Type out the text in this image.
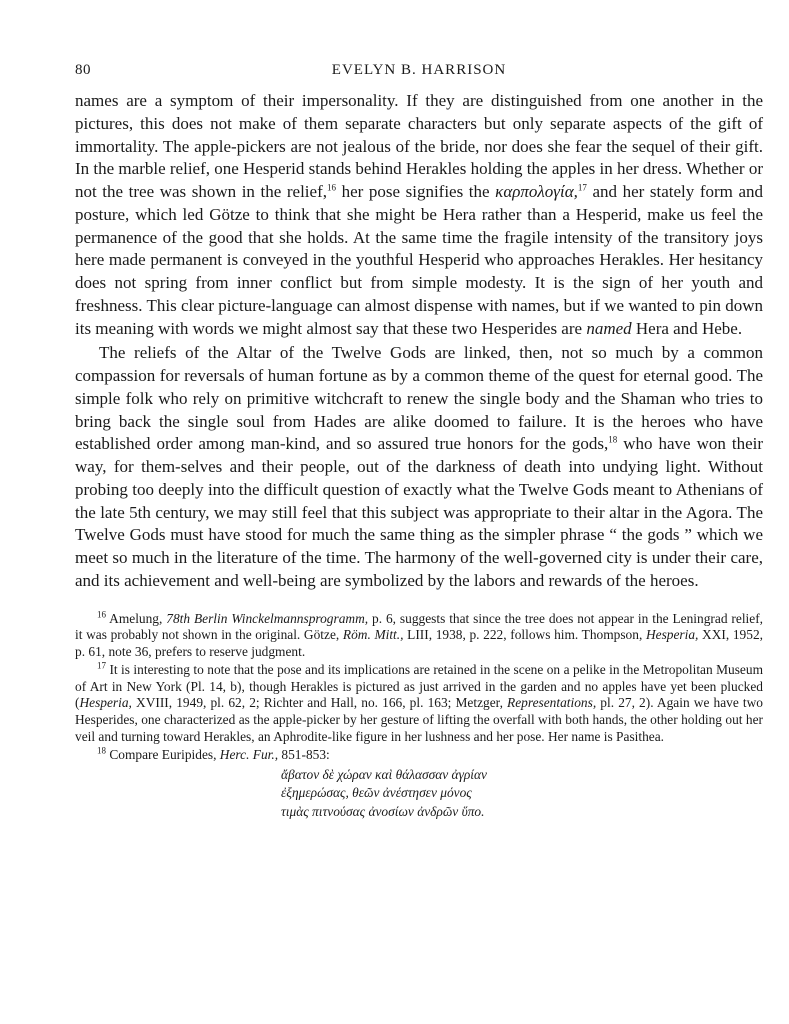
80	EVELYN B. HARRISON

names are a symptom of their impersonality. If they are distinguished from one another in the pictures, this does not make of them separate characters but only separate aspects of the gift of immortality. The apple-pickers are not jealous of the bride, nor does she fear the sequel of their gift. In the marble relief, one Hesperid stands behind Herakles holding the apples in her dress. Whether or not the tree was shown in the relief,$^{16}$ her pose signifies the καρπολογία,$^{17}$ and her stately form and posture, which led Götze to think that she might be Hera rather than a Hesperid, make us feel the permanence of the good that she holds. At the same time the fragile intensity of the transitory joys here made permanent is conveyed in the youthful Hesperid who approaches Herakles. Her hesitancy does not spring from inner conflict but from simple modesty. It is the sign of her youth and freshness. This clear picture-language can almost dispense with names, but if we wanted to pin down its meaning with words we might almost say that these two Hesperides are named Hera and Hebe.

The reliefs of the Altar of the Twelve Gods are linked, then, not so much by a common compassion for reversals of human fortune as by a common theme of the quest for eternal good. The simple folk who rely on primitive witchcraft to renew the single body and the Shaman who tries to bring back the single soul from Hades are alike doomed to failure. It is the heroes who have established order among man-kind, and so assured true honors for the gods,$^{18}$ who have won their way, for them-selves and their people, out of the darkness of death into undying light. Without probing too deeply into the difficult question of exactly what the Twelve Gods meant to Athenians of the late 5th century, we may still feel that this subject was appropriate to their altar in the Agora. The Twelve Gods must have stood for much the same thing as the simpler phrase “ the gods ” which we meet so much in the literature of the time. The harmony of the well-governed city is under their care, and its achievement and well-being are symbolized by the labors and rewards of the heroes.

$^{16}$ Amelung, 78th Berlin Winckelmannsprogramm, p. 6, suggests that since the tree does not appear in the Leningrad relief, it was probably not shown in the original. Götze, Röm. Mitt., LIII, 1938, p. 222, follows him. Thompson, Hesperia, XXI, 1952, p. 61, note 36, prefers to reserve judgment.

$^{17}$ It is interesting to note that the pose and its implications are retained in the scene on a pelike in the Metropolitan Museum of Art in New York (Pl. 14, b), though Herakles is pictured as just arrived in the garden and no apples have yet been plucked (Hesperia, XVIII, 1949, pl. 62, 2; Richter and Hall, no. 166, pl. 163; Metzger, Representations, pl. 27, 2). Again we have two Hesperides, one characterized as the apple-picker by her gesture of lifting the overfall with both hands, the other holding out her veil and turning toward Herakles, an Aphrodite-like figure in her lushness and her pose. Her name is Pasithea.

$^{18}$ Compare Euripides, Herc. Fur., 851-853:

ἄβατον δὲ χώραν καὶ θάλασσαν ἀγρίαν
ἐξημερώσας, θεῶν ἀνέστησεν μόνος
τιμὰς πιτνούσας ἀνοσίων ἀνδρῶν ὕπο.
